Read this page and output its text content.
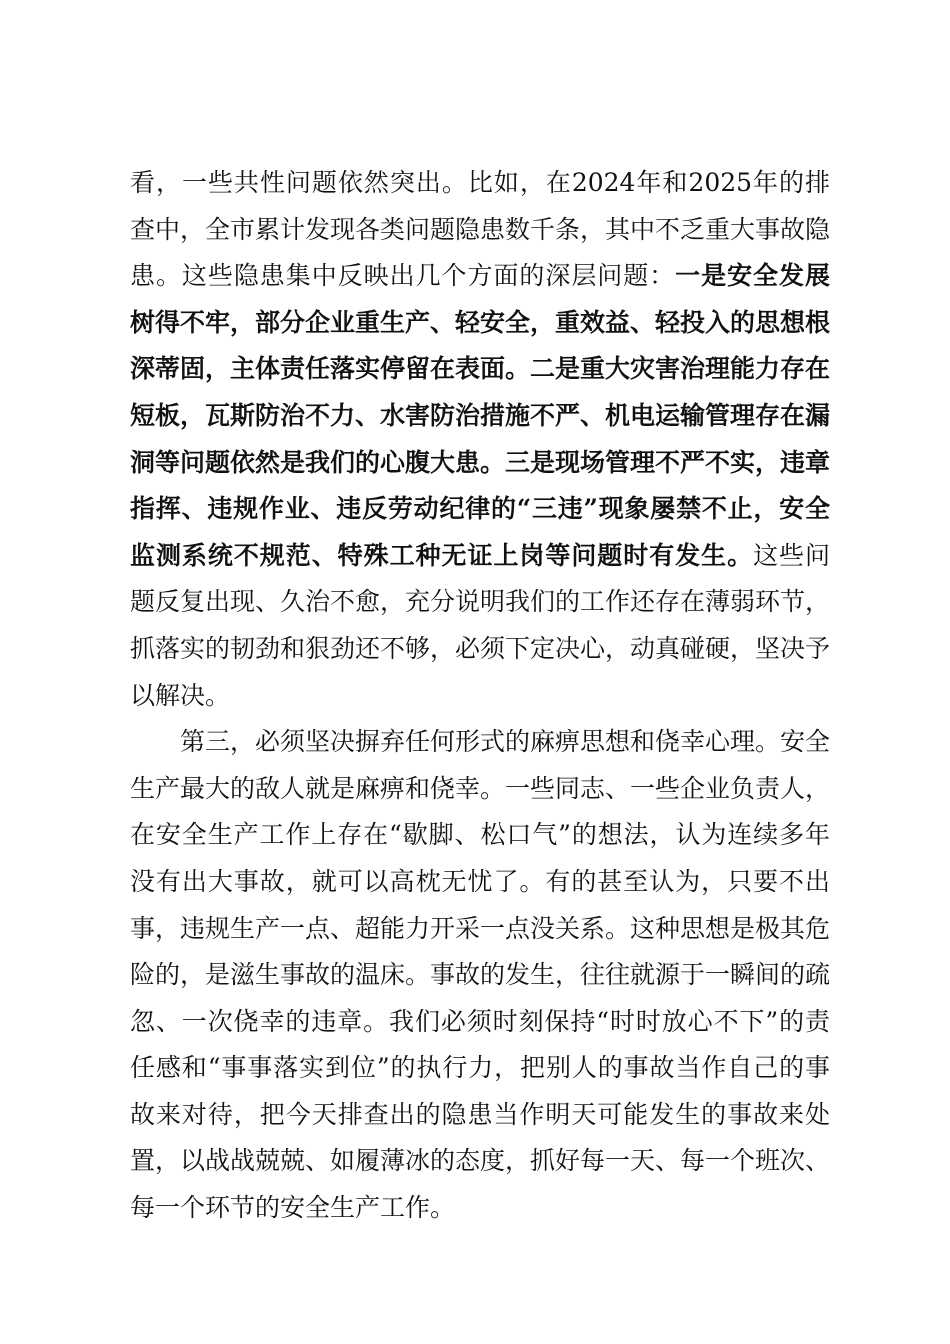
看，一些共性问题依然突出。比如，在2024年和2025年的排查中，全市累计发现各类问题隐患数千条，其中不乏重大事故隐患。这些隐患集中反映出几个方面的深层问题：一是安全发展树得不牢，部分企业重生产、轻安全，重效益、轻投入的思想根深蒂固，主体责任落实停留在表面。二是重大灾害治理能力存在短板，瓦斯防治不力、水害防治措施不严、机电运输管理存在漏洞等问题依然是我们的心腹大患。三是现场管理不严不实，违章指挥、违规作业、违反劳动纪律的“三违”现象屡禁不止，安全监测系统不规范、特殊工种无证上岗等问题时有发生。这些问题反复出现、久治不愈，充分说明我们的工作还存在薄弱环节，抓落实的韧劲和狠劲还不够，必须下定决心，动真碰硬，坚决予以解决。

第三，必须坚决摒弃任何形式的麻痹思想和侥幸心理。安全生产最大的敌人就是麻痹和侥幸。一些同志、一些企业负责人，在安全生产工作上存在“歇脚、松口气”的想法，认为连续多年没有出大事故，就可以高枕无忧了。有的甚至认为，只要不出事，违规生产一点、超能力开采一点没关系。这种思想是极其危险的，是滋生事故的温床。事故的发生，往往就源于一瞬间的疏忽、一次侥幸的违章。我们必须时刻保持“时时放心不下”的责任感和“事事落实到位”的执行力，把别人的事故当作自己的事故来对待，把今天排查出的隐患当作明天可能发生的事故来处置，以战战兢兢、如履薄冰的态度，抓好每一天、每一个班次、每一个环节的安全生产工作。
